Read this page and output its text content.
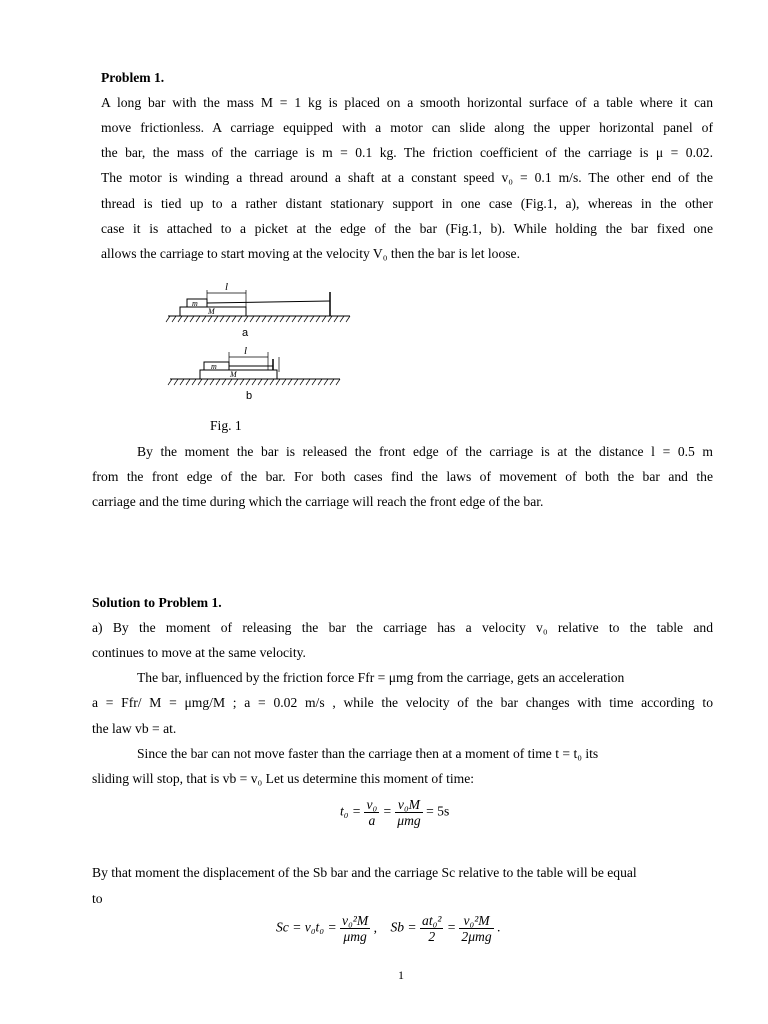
Problem 1.
A long bar with the mass M = 1 kg is placed on a smooth horizontal surface of a table where it can
move frictionless. A carriage equipped with a motor can slide along the upper horizontal panel of
the bar, the mass of the carriage is m = 0.1 kg. The friction coefficient of the carriage is μ = 0.02.
The motor is winding a thread around a shaft at a constant speed v₀ = 0.1 m/s. The other end of the
thread is tied up to a rather distant stationary support in one case (Fig.1, a), whereas in the other
case it is attached to a picket at the edge of the bar (Fig.1, b). While holding the bar fixed one
allows the carriage to start moving at the velocity V₀ then the bar is let loose.
l
m
M
a
l
m
M
b
Fig. 1
By the moment the bar is released the front edge of the carriage is at the distance l = 0.5 m
from the front edge of the bar. For both cases find the laws of movement of both the bar and the
carriage and the time during which the carriage will reach the front edge of the bar.
Solution to Problem 1.
a) By the moment of releasing the bar the carriage has a velocity v₀ relative to the table and
continues to move at the same velocity.
The bar, influenced by the friction force Ffr = μmg from the carriage, gets an acceleration
a = Ffr/ M = μmg/M ; a = 0.02 m/s , while the velocity of the bar changes with time according to
the law vb = at.
Since the bar can not move faster than the carriage then at a moment of time t = t₀ its
sliding will stop, that is vb = v₀ Let us determine this moment of time:
$t_0 = \frac{\text{v₀}}{a} = \frac{\text{v₀M}}{\text{μmg}} = 5s$
By that moment the displacement of the Sb bar and the carriage Sc relative to the table will be equal
to
$Sc = v_0t_0 = \frac{\text{v₀²M}}{\text{μmg}}$ , $Sb = \frac{\text{at₀²}}{2} = \frac{\text{v₀²M}}{\text{2μmg}}$ .
1
